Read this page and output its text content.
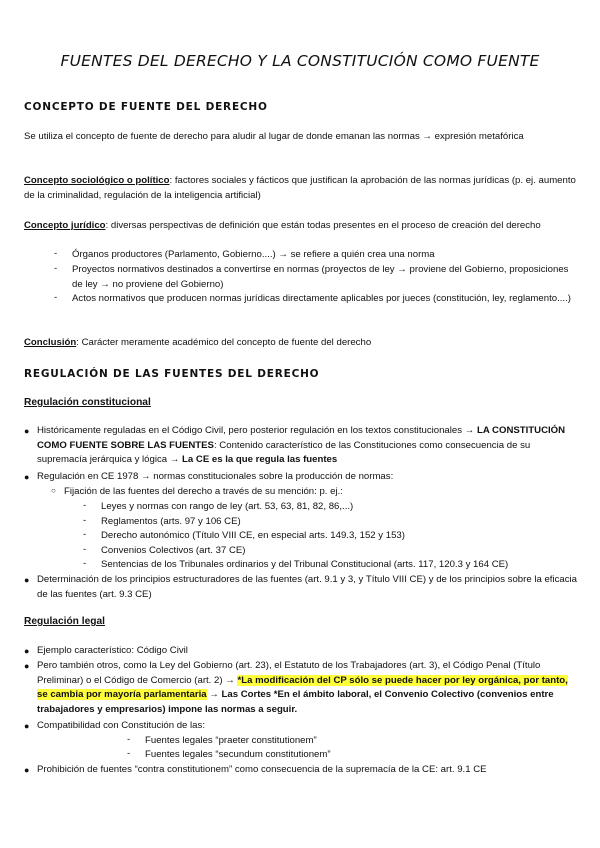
FUENTES DEL DERECHO Y LA CONSTITUCIÓN COMO FUENTE
CONCEPTO DE FUENTE DEL DERECHO
Se utiliza el concepto de fuente de derecho para aludir al lugar de donde emanan las normas → expresión metafórica
Concepto sociológico o político: factores sociales y fácticos que justifican la aprobación de las normas jurídicas (p. ej. aumento de la criminalidad, regulación de la inteligencia artificial)
Concepto jurídico: diversas perspectivas de definición que están todas presentes en el proceso de creación del derecho
- Órganos productores (Parlamento, Gobierno....) → se refiere a quién crea una norma
- Proyectos normativos destinados a convertirse en normas (proyectos de ley → proviene del Gobierno, proposiciones de ley → no proviene del Gobierno)
- Actos normativos que producen normas jurídicas directamente aplicables por jueces (constitución, ley, reglamento....)
Conclusión: Carácter meramente académico del concepto de fuente del derecho
REGULACIÓN DE LAS FUENTES DEL DERECHO
Regulación constitucional
● Históricamente reguladas en el Código Civil, pero posterior regulación en los textos constitucionales → LA CONSTITUCIÓN COMO FUENTE SOBRE LAS FUENTES: Contenido característico de las Constituciones como consecuencia de su supremacía jerárquica y lógica → La CE es la que regula las fuentes
● Regulación en CE 1978 → normas constitucionales sobre la producción de normas:
○ Fijación de las fuentes del derecho a través de su mención: p. ej.:
- Leyes y normas con rango de ley (art. 53, 63, 81, 82, 86,...)
- Reglamentos (arts. 97 y 106 CE)
- Derecho autonómico (Título VIII CE, en especial arts. 149.3, 152 y 153)
- Convenios Colectivos (art. 37 CE)
- Sentencias de los Tribunales ordinarios y del Tribunal Constitucional (arts. 117, 120.3 y 164 CE)
● Determinación de los principios estructuradores de las fuentes (art. 9.1 y 3, y Título VIII CE) y de los principios sobre la eficacia de las fuentes (art. 9.3 CE)
Regulación legal
● Ejemplo característico: Código Civil
● Pero también otros, como la Ley del Gobierno (art. 23), el Estatuto de los Trabajadores (art. 3), el Código Penal (Título Preliminar) o el Código de Comercio (art. 2) → *La modificación del CP sólo se puede hacer por ley orgánica, por tanto, se cambia por mayoría parlamentaria → Las Cortes *En el ámbito laboral, el Convenio Colectivo (convenios entre trabajadores y empresarios) impone las normas a seguir.
● Compatibilidad con Constitución de las:
- Fuentes legales “praeter constitutionem”
- Fuentes legales “secundum constitutionem”
● Prohibición de fuentes “contra constitutionem” como consecuencia de la supremacía de la CE: art. 9.1 CE
